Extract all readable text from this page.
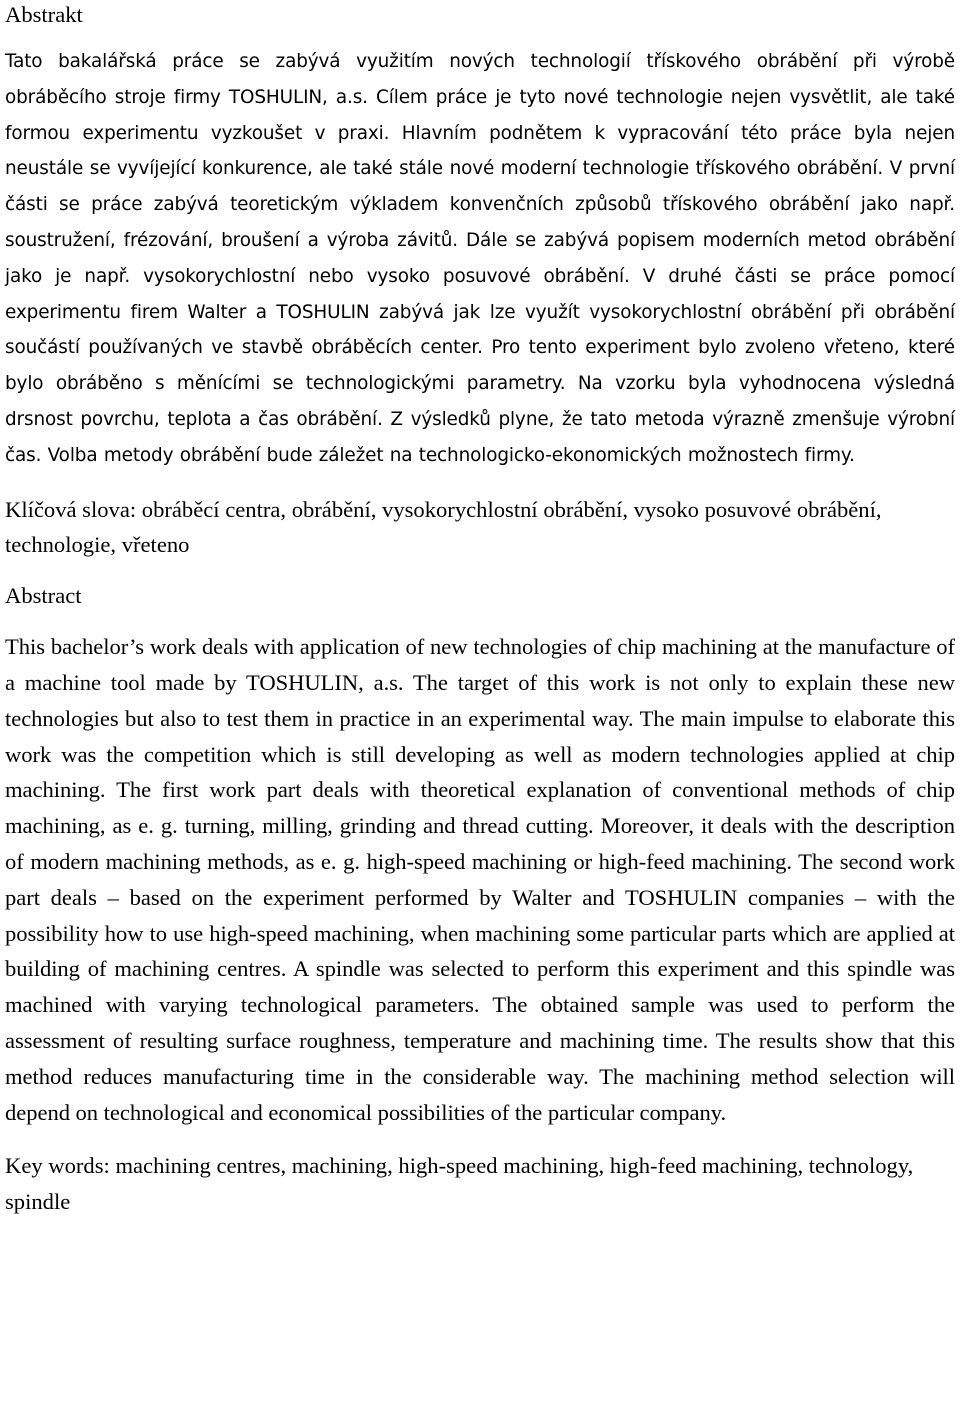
Abstrakt

Tato bakalářská práce se zabývá využitím nových technologií třískového obrábění při výrobě obráběcího stroje firmy TOSHULIN, a.s. Cílem práce je tyto nové technologie nejen vysvětlit, ale také formou experimentu vyzkoušet v praxi. Hlavním podnětem k vypracování této práce byla nejen neustále se vyvíjející konkurence, ale také stále nové moderní technologie třískového obrábění. V první části se práce zabývá teoretickým výkladem konvenčních způsobů třískového obrábění jako např. soustružení, frézování, broušení a výroba závitů. Dále se zabývá popisem moderních metod obrábění jako je např. vysokorychlostní nebo vysoko posuvové obrábění. V druhé části se práce pomocí experimentu firem Walter a TOSHULIN zabývá jak lze využít vysokorychlostní obrábění při obrábění součástí používaných ve stavbě obráběcích center. Pro tento experiment bylo zvoleno vřeteno, které bylo obráběno s měnícími se technologickými parametry. Na vzorku byla vyhodnocena výsledná drsnost povrchu, teplota a čas obrábění. Z výsledků plyne, že tato metoda výrazně zmenšuje výrobní čas. Volba metody obrábění bude záležet na technologicko-ekonomických možnostech firmy.

Klíčová slova: obráběcí centra, obrábění, vysokorychlostní obrábění, vysoko posuvové obrábění, technologie, vřeteno

Abstract

This bachelor’s work deals with application of new technologies of chip machining at the manufacture of a machine tool made by TOSHULIN, a.s. The target of this work is not only to explain these new technologies but also to test them in practice in an experimental way. The main impulse to elaborate this work was the competition which is still developing as well as modern technologies applied at chip machining. The first work part deals with theoretical explanation of conventional methods of chip machining, as e. g. turning, milling, grinding and thread cutting. Moreover, it deals with the description of modern machining methods, as e. g. high-speed machining or high-feed machining. The second work part deals – based on the experiment performed by Walter and TOSHULIN companies – with the possibility how to use high-speed machining, when machining some particular parts which are applied at building of machining centres. A spindle was selected to perform this experiment and this spindle was machined with varying technological parameters. The obtained sample was used to perform the assessment of resulting surface roughness, temperature and machining time. The results show that this method reduces manufacturing time in the considerable way. The machining method selection will depend on technological and economical possibilities of the particular company.

Key words: machining centres, machining, high-speed machining, high-feed machining, technology, spindle
